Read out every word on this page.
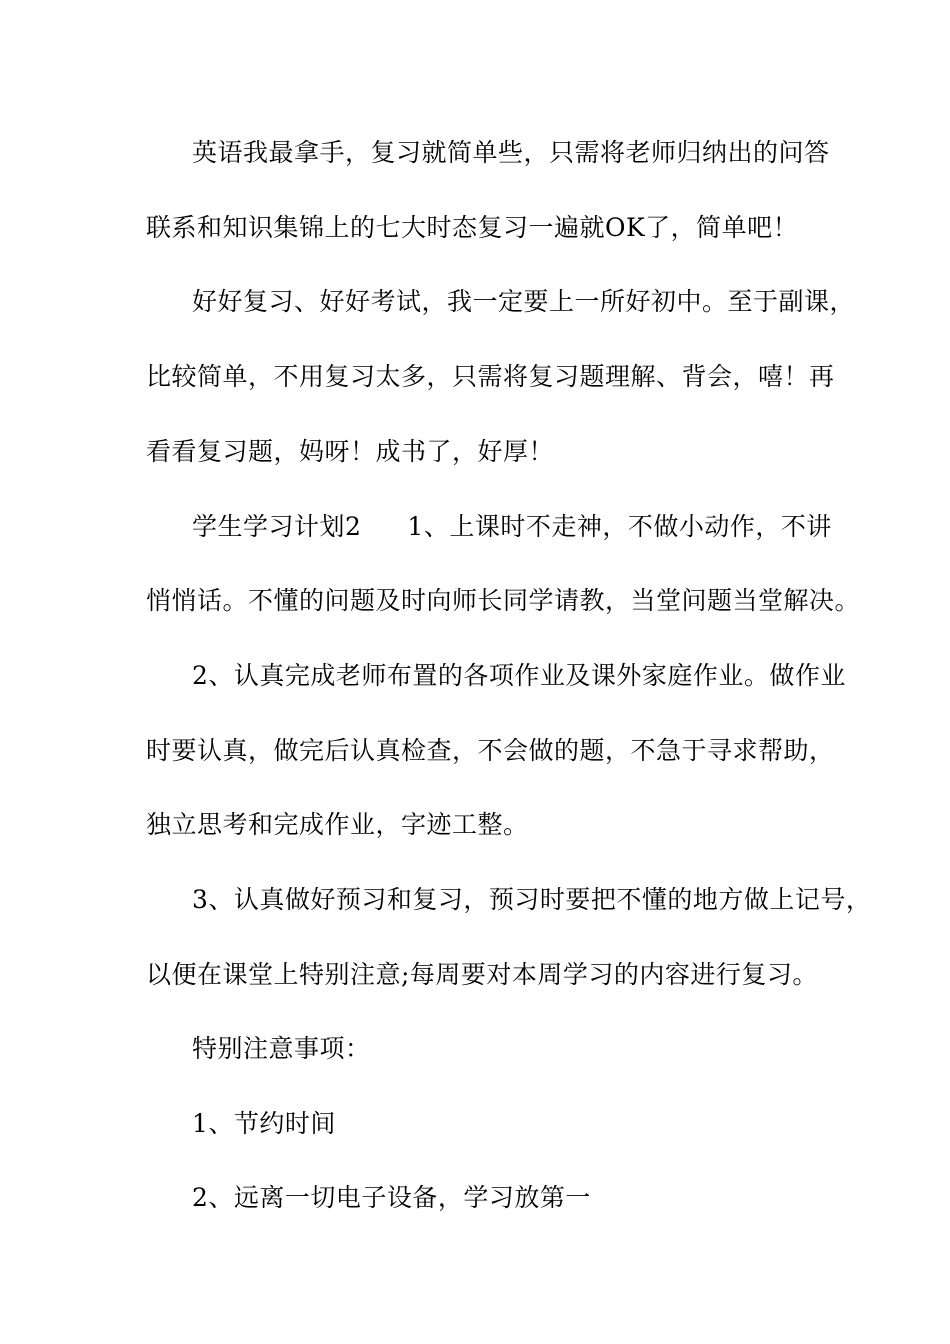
英语我最拿手，复习就简单些，只需将老师归纳出的问答
联系和知识集锦上的七大时态复习一遍就OK了，简单吧！
好好复习、好好考试，我一定要上一所好初中。至于副课，
比较简单，不用复习太多，只需将复习题理解、背会，嘻！再
看看复习题，妈呀！成书了，好厚！
学生学习计划2 1、上课时不走神，不做小动作，不讲
悄悄话。不懂的问题及时向师长同学请教，当堂问题当堂解决。
2、认真完成老师布置的各项作业及课外家庭作业。做作业
时要认真，做完后认真检查，不会做的题，不急于寻求帮助，
独立思考和完成作业，字迹工整。
3、认真做好预习和复习，预习时要把不懂的地方做上记号，
以便在课堂上特别注意;每周要对本周学习的内容进行复习。
特别注意事项：
1、节约时间
2、远离一切电子设备，学习放第一
